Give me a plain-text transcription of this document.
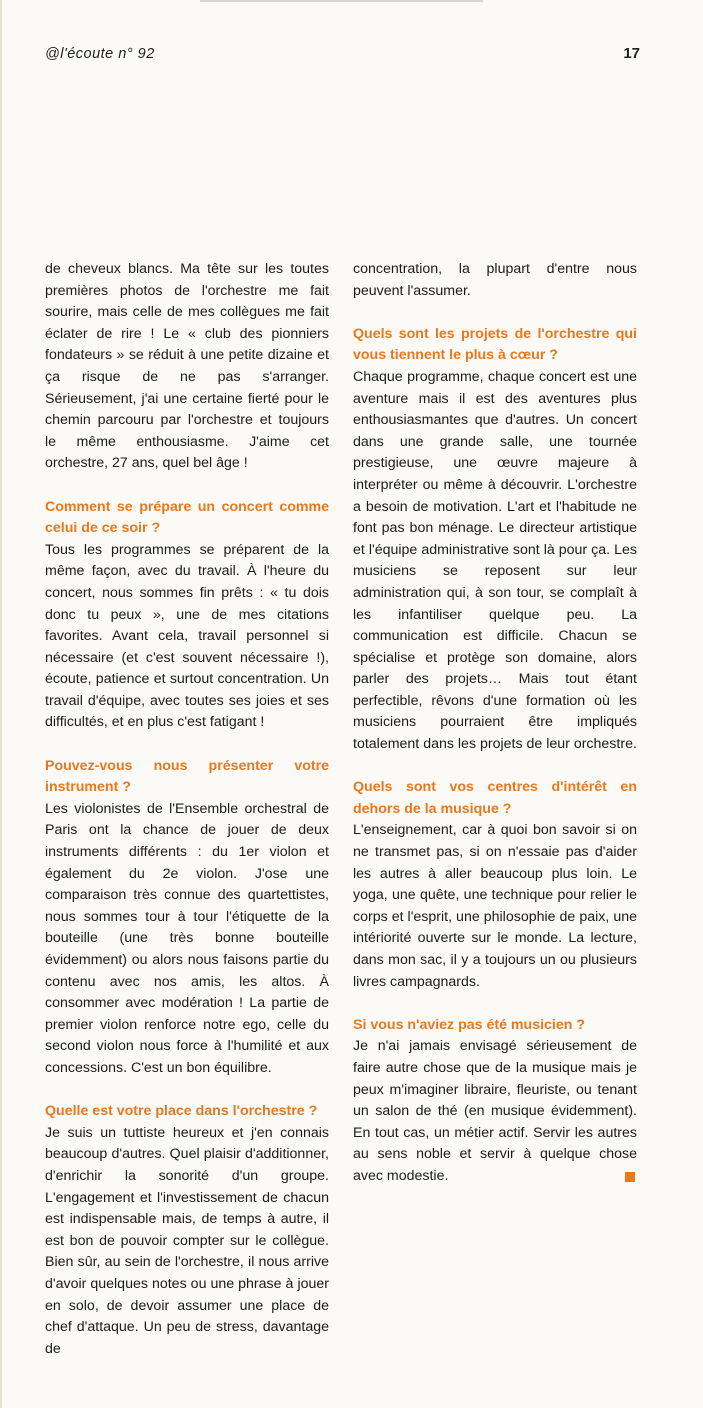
@l'écoute n° 92	17

de cheveux blancs. Ma tête sur les toutes premières photos de l'orchestre me fait sourire, mais celle de mes collègues me fait éclater de rire ! Le « club des pionniers fondateurs » se réduit à une petite dizaine et ça risque de ne pas s'arranger. Sérieusement, j'ai une certaine fierté pour le chemin parcouru par l'orchestre et toujours le même enthousiasme. J'aime cet orchestre, 27 ans, quel bel âge !

Comment se prépare un concert comme celui de ce soir ?

Tous les programmes se préparent de la même façon, avec du travail. À l'heure du concert, nous sommes fin prêts : « tu dois donc tu peux », une de mes citations favorites. Avant cela, travail personnel si nécessaire (et c'est souvent nécessaire !), écoute, patience et surtout concentration. Un travail d'équipe, avec toutes ses joies et ses difficultés, et en plus c'est fatigant !

Pouvez-vous nous présenter votre instrument ?

Les violonistes de l'Ensemble orchestral de Paris ont la chance de jouer de deux instruments différents : du 1er violon et également du 2e violon. J'ose une comparaison très connue des quartettistes, nous sommes tour à tour l'étiquette de la bouteille (une très bonne bouteille évidemment) ou alors nous faisons partie du contenu avec nos amis, les altos. À consommer avec modération ! La partie de premier violon renforce notre ego, celle du second violon nous force à l'humilité et aux concessions. C'est un bon équilibre.

Quelle est votre place dans l'orchestre ?

Je suis un tuttiste heureux et j'en connais beaucoup d'autres. Quel plaisir d'additionner, d'enrichir la sonorité d'un groupe. L'engagement et l'investissement de chacun est indispensable mais, de temps à autre, il est bon de pouvoir compter sur le collègue. Bien sûr, au sein de l'orchestre, il nous arrive d'avoir quelques notes ou une phrase à jouer en solo, de devoir assumer une place de chef d'attaque. Un peu de stress, davantage de

concentration, la plupart d'entre nous peuvent l'assumer.

Quels sont les projets de l'orchestre qui vous tiennent le plus à cœur ?

Chaque programme, chaque concert est une aventure mais il est des aventures plus enthousiasmantes que d'autres. Un concert dans une grande salle, une tournée prestigieuse, une œuvre majeure à interpréter ou même à découvrir. L'orchestre a besoin de motivation. L'art et l'habitude ne font pas bon ménage. Le directeur artistique et l'équipe administrative sont là pour ça. Les musiciens se reposent sur leur administration qui, à son tour, se complaît à les infantiliser quelque peu. La communication est difficile. Chacun se spécialise et protège son domaine, alors parler des projets… Mais tout étant perfectible, rêvons d'une formation où les musiciens pourraient être impliqués totalement dans les projets de leur orchestre.

Quels sont vos centres d'intérêt en dehors de la musique ?

L'enseignement, car à quoi bon savoir si on ne transmet pas, si on n'essaie pas d'aider les autres à aller beaucoup plus loin. Le yoga, une quête, une technique pour relier le corps et l'esprit, une philosophie de paix, une intériorité ouverte sur le monde. La lecture, dans mon sac, il y a toujours un ou plusieurs livres campagnards.

Si vous n'aviez pas été musicien ?

Je n'ai jamais envisagé sérieusement de faire autre chose que de la musique mais je peux m'imaginer libraire, fleuriste, ou tenant un salon de thé (en musique évidemment). En tout cas, un métier actif. Servir les autres au sens noble et servir à quelque chose avec modestie.
